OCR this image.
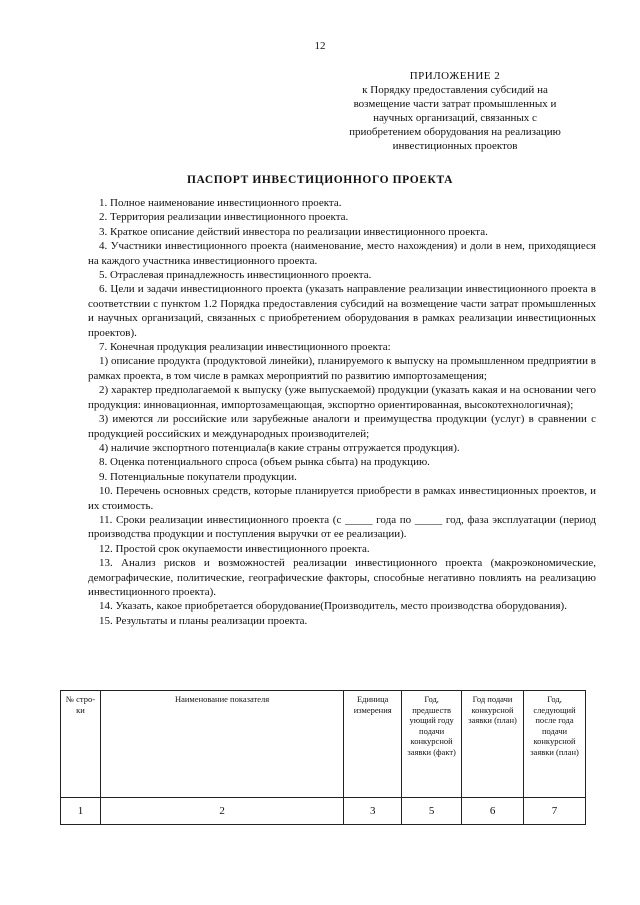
12
ПРИЛОЖЕНИЕ 2
к Порядку предоставления субсидий на
возмещение части затрат промышленных и
научных организаций, связанных с
приобретением оборудования на реализацию
инвестиционных проектов
ПАСПОРТ ИНВЕСТИЦИОННОГО ПРОЕКТА

1. Полное наименование инвестиционного проекта.

2. Территория реализации инвестиционного проекта.

3. Краткое описание действий инвестора по реализации инвестиционного проекта.

4. Участники инвестиционного проекта (наименование, место нахождения) и доли в нем, приходящиеся на каждого участника инвестиционного проекта.

5. Отраслевая принадлежность инвестиционного проекта.

6. Цели и задачи инвестиционного проекта (указать направление реализации инвестиционного проекта в соответствии с пунктом 1.2 Порядка предоставления субсидий на возмещение части затрат промышленных и научных организаций, связанных с приобретением оборудования в рамках реализации инвестиционных проектов).

7. Конечная продукция реализации инвестиционного проекта:

1) описание продукта (продуктовой линейки), планируемого к выпуску на промышленном предприятии в рамках проекта, в том числе в рамках мероприятий по развитию импортозамещения;

2) характер предполагаемой к выпуску (уже выпускаемой) продукции (указать какая и на основании чего продукция: инновационная, импортозамещающая, экспортно ориентированная, высокотехнологичная);

3) имеются ли российские или зарубежные аналоги и преимущества продукции (услуг) в сравнении с продукцией российских и международных производителей;

4) наличие экспортного потенциала(в какие страны отгружается продукция).

8. Оценка потенциального спроса (объем рынка сбыта) на продукцию.

9. Потенциальные покупатели продукции.

10. Перечень основных средств, которые планируется приобрести в рамках инвестиционных проектов, и их стоимость.

11. Сроки реализации инвестиционного проекта (с _____ года по _____ год, фаза эксплуатации (период производства продукции и поступления выручки от ее реализации).

12. Простой срок окупаемости инвестиционного проекта.

13. Анализ рисков и возможностей реализации инвестиционного проекта (макроэкономические, демографические, политические, географические факторы, способные негативно повлиять на реализацию инвестиционного проекта).

14. Указать, какое приобретается оборудование(Производитель, место производства оборудования).

15. Результаты и планы реализации проекта.

№ стро-ки	Наименование показателя	Единица измерения	Год, предшеств ующий году подачи конкурсной заявки (факт)	Год подачи конкурсной заявки (план)	Год, следующий после года подачи конкурсной заявки (план)
1	2	3	5	6	7
